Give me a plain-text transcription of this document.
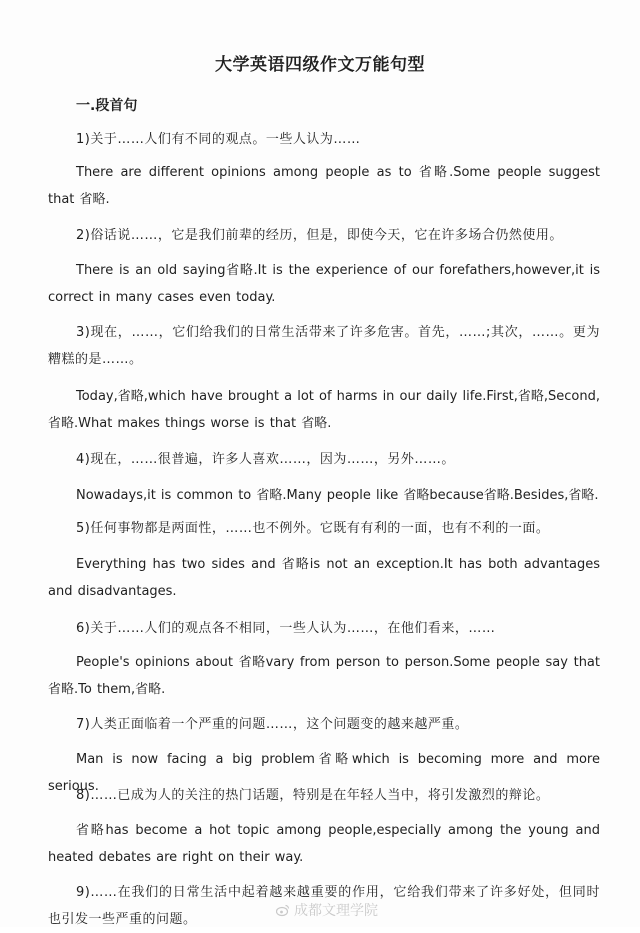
大学英语四级作文万能句型
一.段首句

1)关于……人们有不同的观点。一些人认为……

There are different opinions among people as to 省略.Some people suggest that 省略.

2)俗话说……，它是我们前辈的经历，但是，即使今天，它在许多场合仍然使用。

There is an old saying省略.It is the experience of our forefathers,however,it is correct in many cases even today.

3)现在，……，它们给我们的日常生活带来了许多危害。首先，……;其次，……。更为糟糕的是……。

Today,省略,which have brought a lot of harms in our daily life.First,省略,Second,省略.What makes things worse is that 省略.

4)现在，……很普遍，许多人喜欢……，因为……，另外……。

Nowadays,it is common to 省略.Many people like 省略because省略.Besides,省略.

5)任何事物都是两面性，……也不例外。它既有有利的一面，也有不利的一面。

Everything has two sides and 省略is not an exception.It has both advantages and disadvantages.

6)关于……人们的观点各不相同，一些人认为……，在他们看来，……

People's opinions about 省略vary from person to person.Some people say that 省略.To them,省略.

7)人类正面临着一个严重的问题……，这个问题变的越来越严重。

Man is now facing a big problem省略which is becoming more and more serious.

8)……已成为人的关注的热门话题，特别是在年轻人当中，将引发激烈的辩论。

省略has become a hot topic among people,especially among the young and heated debates are right on their way.

9)……在我们的日常生活中起着越来越重要的作用，它给我们带来了许多好处，但同时也引发一些严重的问题。

成都文理学院
